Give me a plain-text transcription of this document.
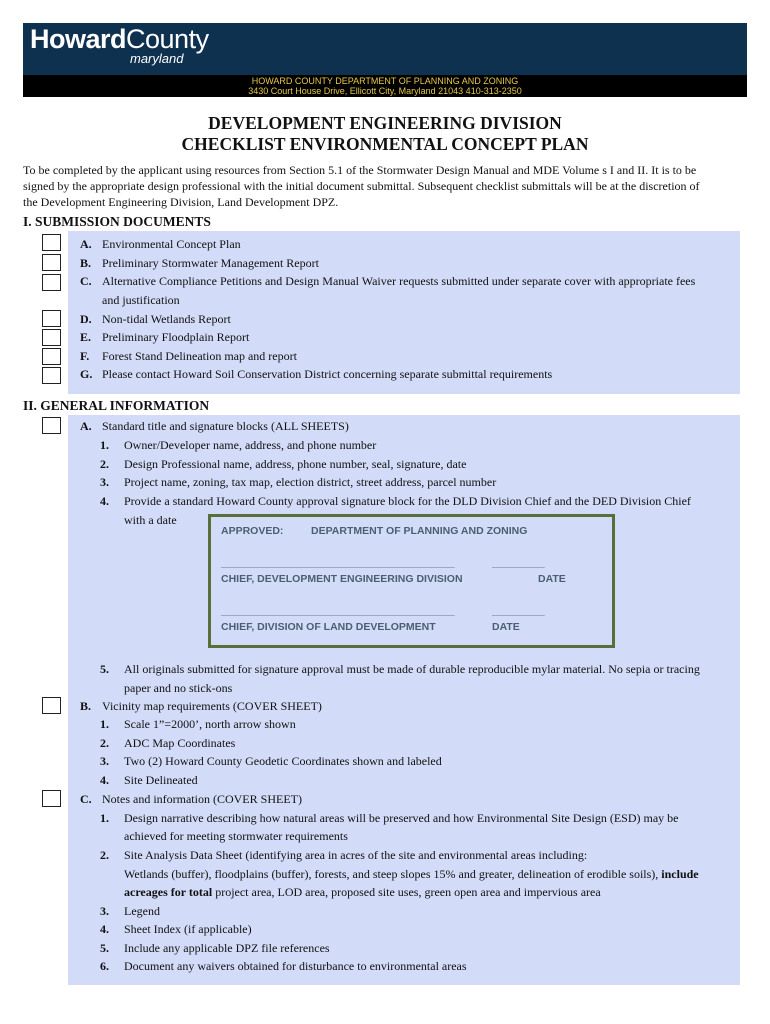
HowardCounty
maryland
HOWARD COUNTY DEPARTMENT OF PLANNING AND ZONING
3430 Court House Drive, Ellicott City, Maryland 21043 410-313-2350
DEVELOPMENT ENGINEERING DIVISION
CHECKLIST ENVIRONMENTAL CONCEPT PLAN
To be completed by the applicant using resources from Section 5.1 of the Stormwater Design Manual and MDE Volume s I and II. It is to be
signed by the appropriate design professional with the initial document submittal. Subsequent checklist submittals will be at the discretion of
the Development Engineering Division, Land Development DPZ.
I. SUBMISSION DOCUMENTS
A. Environmental Concept Plan
B. Preliminary Stormwater Management Report
C. Alternative Compliance Petitions and Design Manual Waiver requests submitted under separate cover with appropriate fees
and justification
D. Non-tidal Wetlands Report
E. Preliminary Floodplain Report
F. Forest Stand Delineation map and report
G. Please contact Howard Soil Conservation District concerning separate submittal requirements
II. GENERAL INFORMATION
A. Standard title and signature blocks (ALL SHEETS)
1. Owner/Developer name, address, and phone number
2. Design Professional name, address, phone number, seal, signature, date
3. Project name, zoning, tax map, election district, street address, parcel number
4. Provide a standard Howard County approval signature block for the DLD Division Chief and the DED Division Chief
with a date
APPROVED:	DEPARTMENT OF PLANNING AND ZONING
________________________________________	_________
CHIEF, DEVELOPMENT ENGINEERING DIVISION	DATE
________________________________________	_________
CHIEF, DIVISION OF LAND DEVELOPMENT	DATE
5. All originals submitted for signature approval must be made of durable reproducible mylar material. No sepia or tracing
paper and no stick-ons
B. Vicinity map requirements (COVER SHEET)
1. Scale 1”=2000’, north arrow shown
2. ADC Map Coordinates
3. Two (2) Howard County Geodetic Coordinates shown and labeled
4. Site Delineated
C. Notes and information (COVER SHEET)
1. Design narrative describing how natural areas will be preserved and how Environmental Site Design (ESD) may be
achieved for meeting stormwater requirements
2. Site Analysis Data Sheet (identifying area in acres of the site and environmental areas including:
Wetlands (buffer), floodplains (buffer), forests, and steep slopes 15% and greater, delineation of erodible soils), include
acreages for total project area, LOD area, proposed site uses, green open area and impervious area
3. Legend
4. Sheet Index (if applicable)
5. Include any applicable DPZ file references
6. Document any waivers obtained for disturbance to environmental areas
